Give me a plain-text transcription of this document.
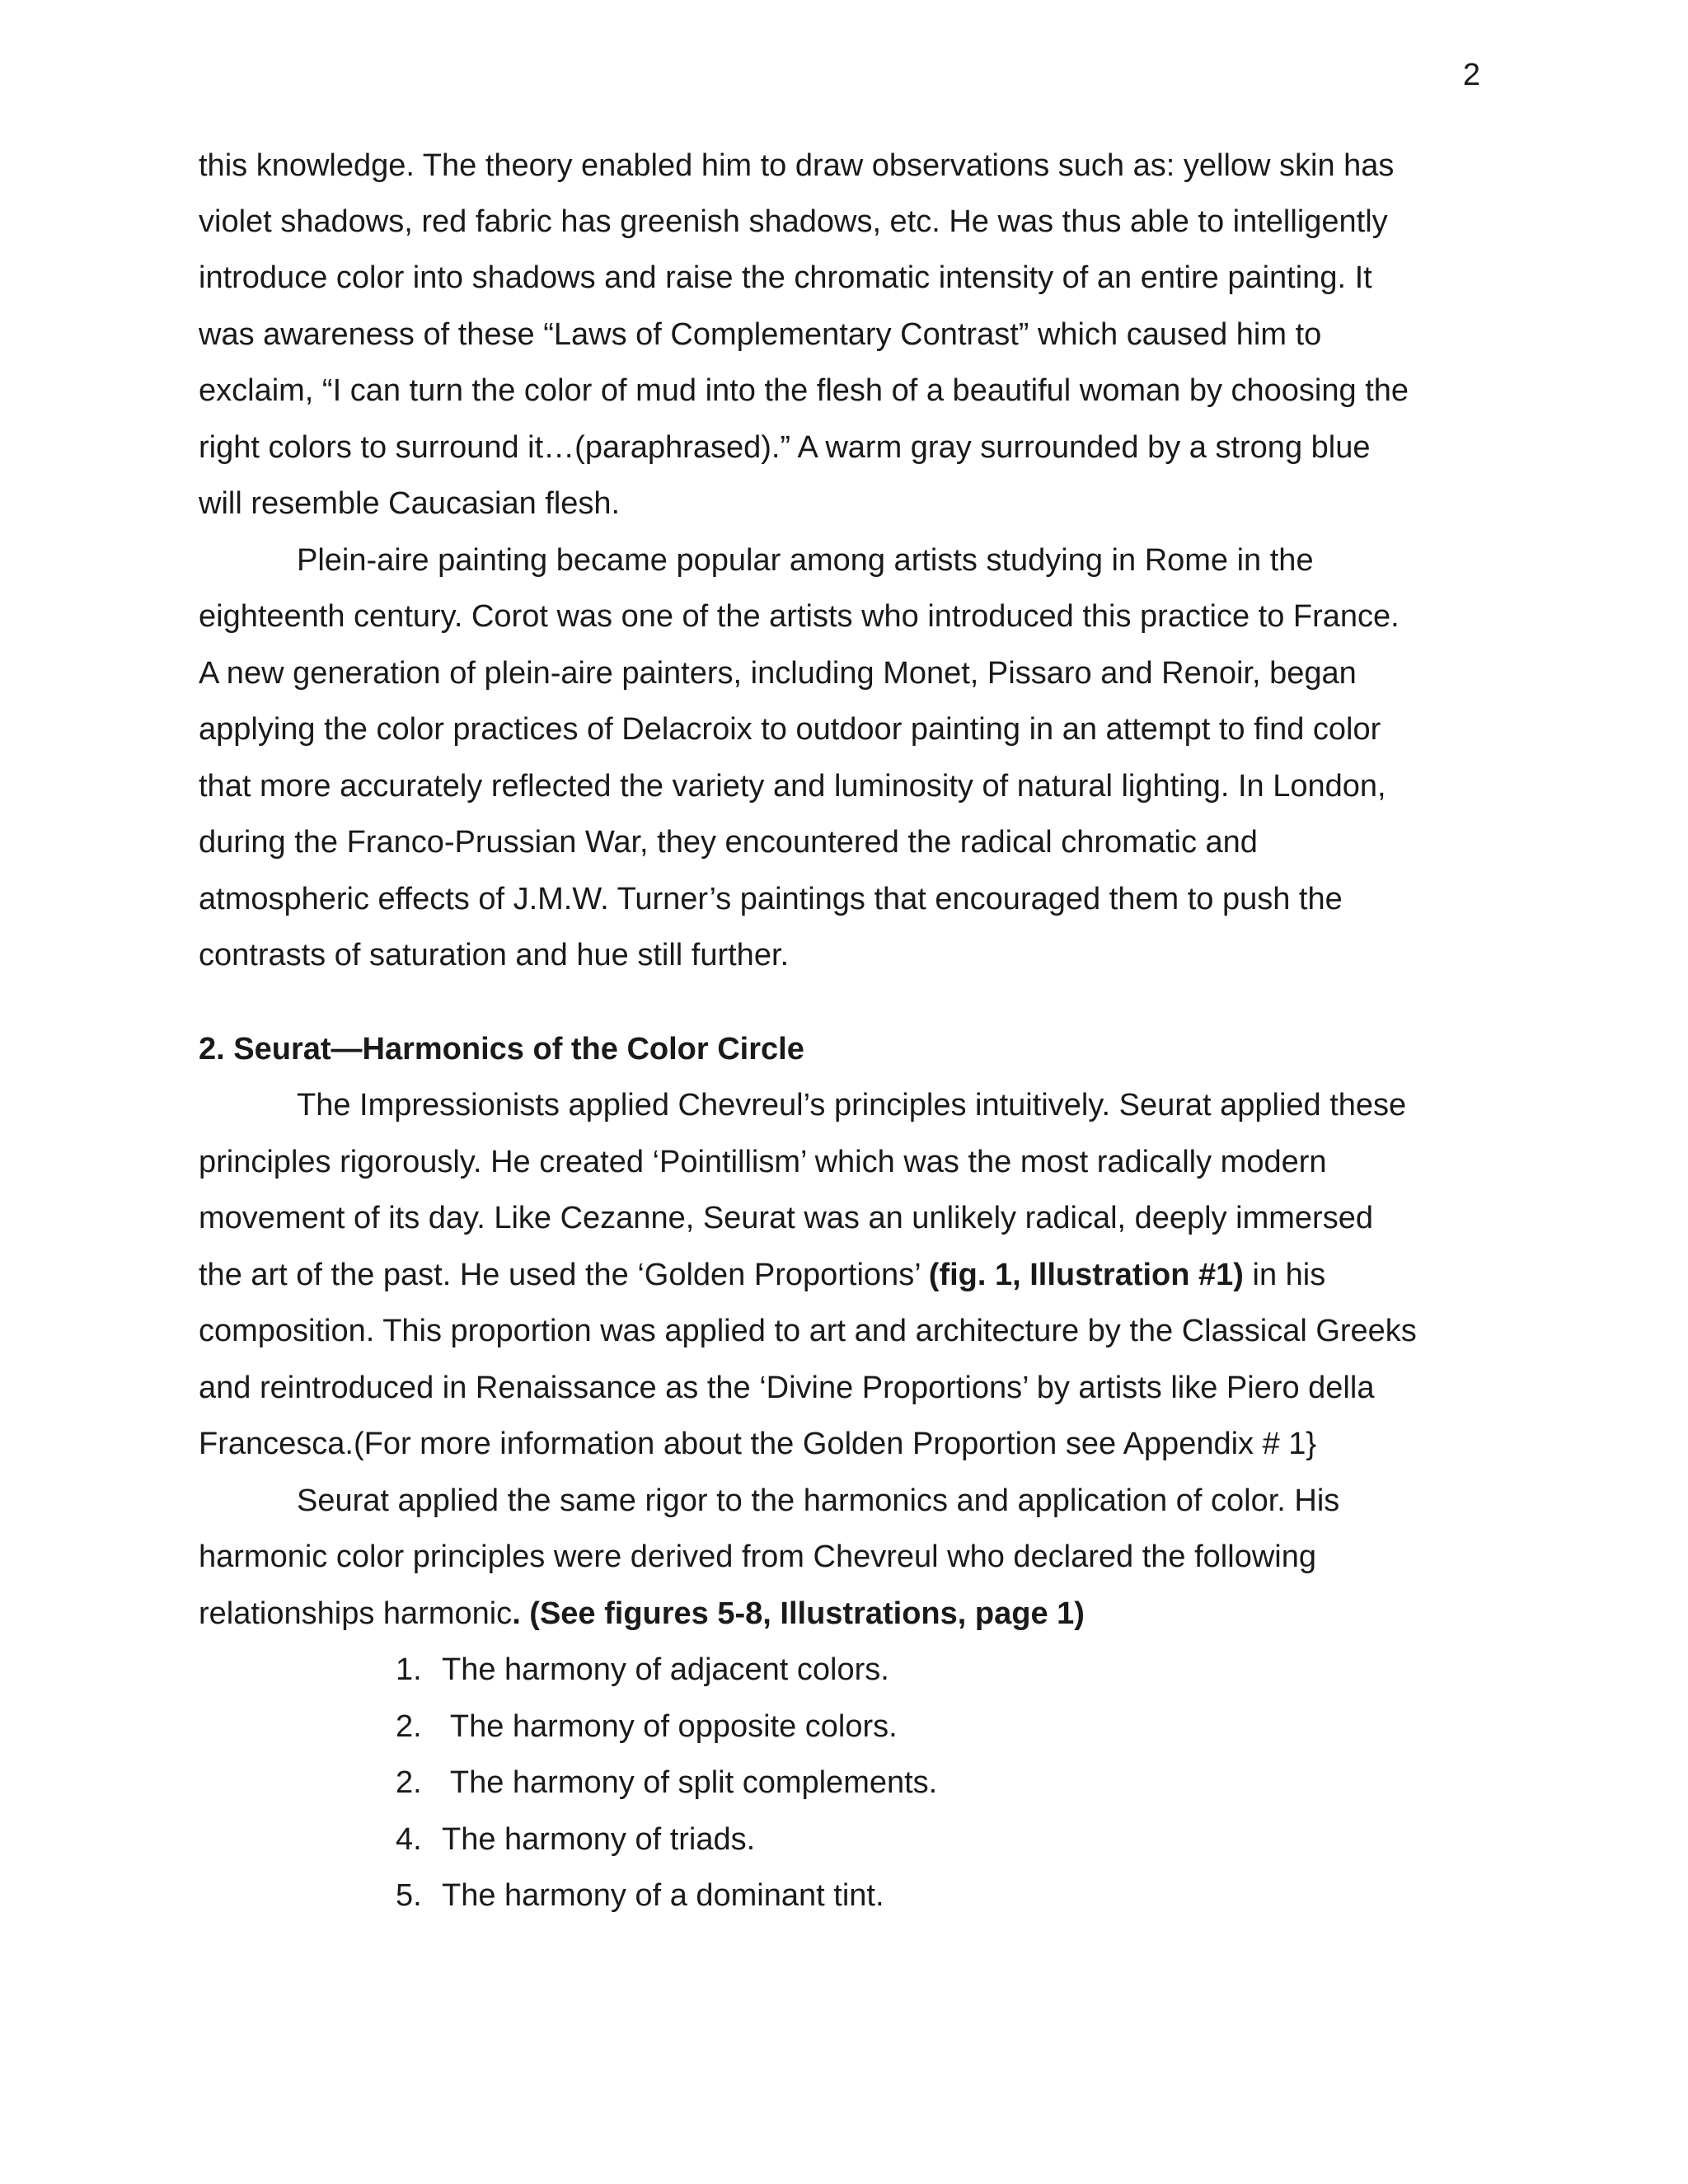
2
this knowledge. The theory enabled him to draw observations such as: yellow skin has
violet shadows, red fabric has greenish shadows, etc. He was thus able to intelligently
introduce color into shadows and raise the chromatic intensity of an entire painting. It
was awareness of these “Laws of Complementary Contrast” which caused him to
exclaim, “I can turn the color of mud into the flesh of a beautiful woman by choosing the
right colors to surround it…(paraphrased).” A warm gray surrounded by a strong blue
will resemble Caucasian flesh.
Plein-aire painting became popular among artists studying in Rome in the
eighteenth century. Corot was one of the artists who introduced this practice to France.
A new generation of plein-aire painters, including Monet, Pissaro and Renoir, began
applying the color practices of Delacroix to outdoor painting in an attempt to find color
that more accurately reflected the variety and luminosity of natural lighting. In London,
during the Franco-Prussian War, they encountered the radical chromatic and
atmospheric effects of J.M.W. Turner’s paintings that encouraged them to push the
contrasts of saturation and hue still further.
2. Seurat—Harmonics of the Color Circle
The Impressionists applied Chevreul’s principles intuitively. Seurat applied these
principles rigorously. He created ‘Pointillism’ which was the most radically modern
movement of its day. Like Cezanne, Seurat was an unlikely radical, deeply immersed
the art of the past. He used the ‘Golden Proportions’ (fig. 1, Illustration #1) in his
composition. This proportion was applied to art and architecture by the Classical Greeks
and reintroduced in Renaissance as the ‘Divine Proportions’ by artists like Piero della
Francesca.(For more information about the Golden Proportion see Appendix # 1}
Seurat applied the same rigor to the harmonics and application of color. His
harmonic color principles were derived from Chevreul who declared the following
relationships harmonic. (See figures 5-8, Illustrations, page 1)
1. The harmony of adjacent colors.
2. The harmony of opposite colors.
2. The harmony of split complements.
4. The harmony of triads.
5. The harmony of a dominant tint.
